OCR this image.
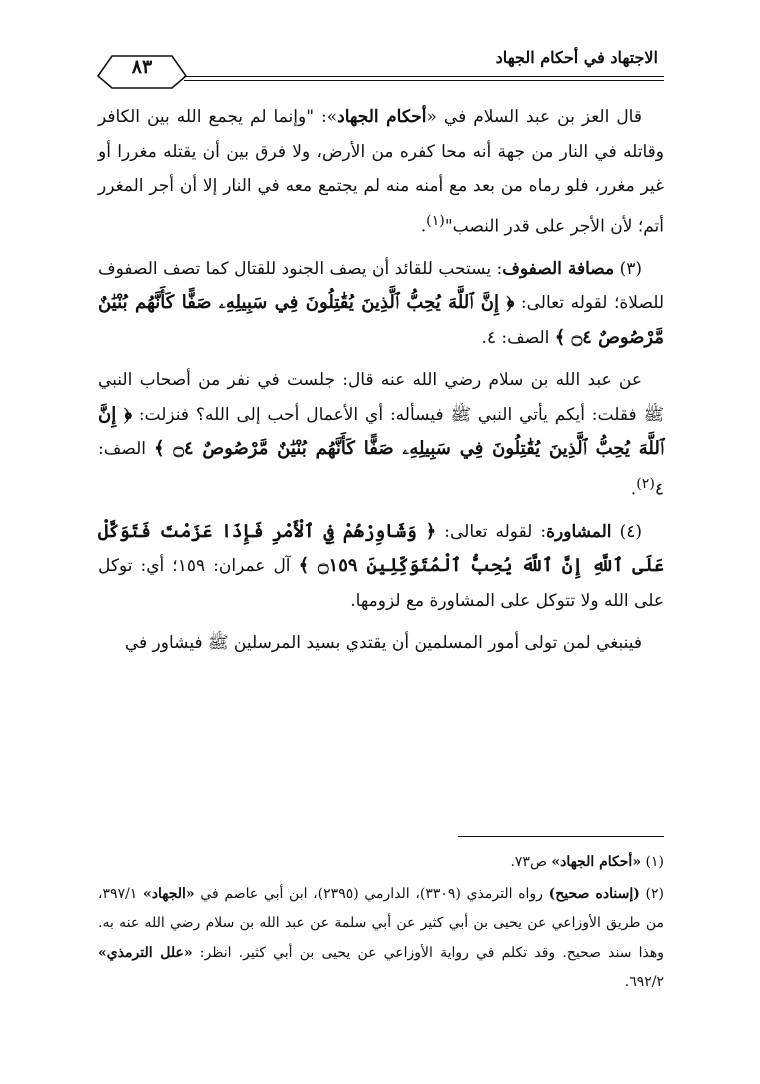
الاجتهاد في أحكام الجهاد
٨٣

قال العز بن عبد السلام في «أحكام الجهاد»: "وإنما لم يجمع الله بين الكافر وقاتله في النار من جهة أنه محا كفره من الأرض، ولا فرق بين أن يقتله مغررا أو غير مغرر، فلو رماه من بعد مع أمنه منه لم يجتمع معه في النار إلا أن أجر المغرر أتم؛ لأن الأجر على قدر النصب"$^{(١)}$.

(٣) مصافة الصفوف: يستحب للقائد أن يصف الجنود للقتال كما تصف الصفوف للصلاة؛ لقوله تعالى: ﴿ إِنَّ ٱللَّهَ يُحِبُّ ٱلَّذِينَ يُقَٰتِلُونَ فِي سَبِيلِهِۦ صَفًّا كَأَنَّهُم بُنْيَٰنٌ مَّرْصُوصٌ ۝٤ ﴾ الصف: ٤.

عن عبد الله بن سلام رضي الله عنه قال: جلست في نفر من أصحاب النبي ﷺ فقلت: أيكم يأتي النبي ﷺ فيسأله: أي الأعمال أحب إلى الله؟ فنزلت: ﴿ إِنَّ ٱللَّهَ يُحِبُّ ٱلَّذِينَ يُقَٰتِلُونَ فِي سَبِيلِهِۦ صَفًّا كَأَنَّهُم بُنْيَٰنٌ مَّرْصُوصٌ ۝٤ ﴾ الصف: ٤$^{(٢)}$.

(٤) المشاورة: لقوله تعالى: ﴿ وَشَاوِرْهُمْ فِي ٱلْأَمْرِ فَإِذَا عَزَمْتَ فَتَوَكَّلْ عَلَى ٱللَّهِ إِنَّ ٱللَّهَ يُحِبُّ ٱلْمُتَوَكِّلِينَ ۝١٥٩ ﴾ آل عمران: ١٥٩؛ أي: توكل على الله ولا تتوكل على المشاورة مع لزومها.

فينبغي لمن تولى أمور المسلمين أن يقتدي بسيد المرسلين ﷺ فيشاور في

(١) «أحكام الجهاد» ص٧٣.

(٢) (إسناده صحيح) رواه الترمذي (٣٣٠٩)، الدارمي (٢٣٩٥)، ابن أبي عاصم في «الجهاد» ٣٩٧/١، من طريق الأوزاعي عن يحيى بن أبي كثير عن أبي سلمة عن عبد الله بن سلام رضي الله عنه به. وهذا سند صحيح. وقد تكلم في رواية الأوزاعي عن يحيى بن أبي كثير. انظر: «علل الترمذي» ٦٩٢/٢.
